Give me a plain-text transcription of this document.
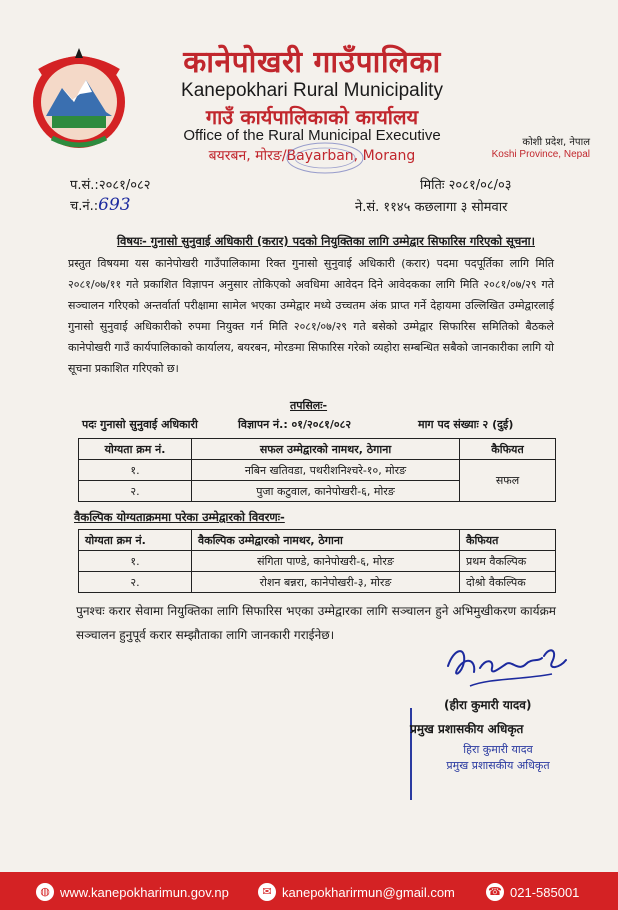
कानेपोखरी गाउँपालिका
Kanepokhari Rural Municipality
गाउँ कार्यपालिकाको कार्यालय
Office of the Rural Municipal Executive
बयरबन, मोरङ/Bayarban, Morang
कोशी प्रदेश, नेपाल
Koshi Province, Nepal
प.सं.:२०८१/०८२
च.नं.:693
मितिः २०८१/०८/०३
ने.सं. ११४५ कछलागा ३ सोमवार
विषयः- गुनासो सुनुवाई अधिकारी (करार) पदको नियुक्तिका लागि उम्मेद्वार सिफारिस गरिएको सूचना।
प्रस्तुत विषयमा यस कानेपोखरी गाउँपालिकामा रिक्त गुनासो सुनुवाई अधिकारी (करार) पदमा पदपूर्तिका लागि मिति २०८१/०७/११ गते प्रकाशित विज्ञापन अनुसार तोकिएको अवधिमा आवेदन दिने आवेदकका लागि मिति २०८१/०७/२९ गते सञ्चालन गरिएको अन्तर्वार्ता परीक्षामा सामेल भएका उम्मेद्वार मध्ये उच्चतम अंक प्राप्त गर्ने देहायमा उल्लिखित उम्मेद्वारलाई गुनासो सुनुवाई अधिकारीको रुपमा नियुक्त गर्न मिति २०८१/०७/२९ गते बसेको उम्मेद्वार सिफारिस समितिको बैठकले कानेपोखरी गाउँ कार्यपालिकाको कार्यालय, बयरबन, मोरङमा सिफारिस गरेको व्यहोरा सम्बन्धित सबैको जानकारीका लागि यो सूचना प्रकाशित गरिएको छ।
तपसिलः-
पदः गुनासो सुनुवाई अधिकारी	विज्ञापन नं.: ०१/२०८१/०८२	माग पद संख्याः २ (दुई)
योग्यता क्रम नं.	सफल उम्मेद्वारको नामथर, ठेगाना	कैफियत
१.	नबिन खतिवडा, पथरीशनिश्चरे-१०, मोरङ	सफल
२.	पुजा कटुवाल, कानेपोखरी-६, मोरङ	
वैकल्पिक योग्यताक्रममा परेका उम्मेद्वारको विवरणः-
योग्यता क्रम नं.	वैकल्पिक उम्मेद्वारको नामथर, ठेगाना	कैफियत
१.	संगिता पाण्डे, कानेपोखरी-६, मोरङ	प्रथम वैकल्पिक
२.	रोशन बन्नरा, कानेपोखरी-३, मोरङ	दोश्रो वैकल्पिक
पुनश्चः करार सेवामा नियुक्तिका लागि सिफारिस भएका उम्मेद्वारका लागि सञ्चालन हुने अभिमुखीकरण कार्यक्रम सञ्चालन हुनुपूर्व करार सम्झौताका लागि जानकारी गराईनेछ।
(हीरा कुमारी यादव)
प्रमुख प्रशासकीय अधिकृत
हिरा कुमारी यादव
प्रमुख प्रशासकीय अधिकृत
◍ www.kanepokharimun.gov.np	✉ kanepokharirmun@gmail.com	☎ 021-585001
